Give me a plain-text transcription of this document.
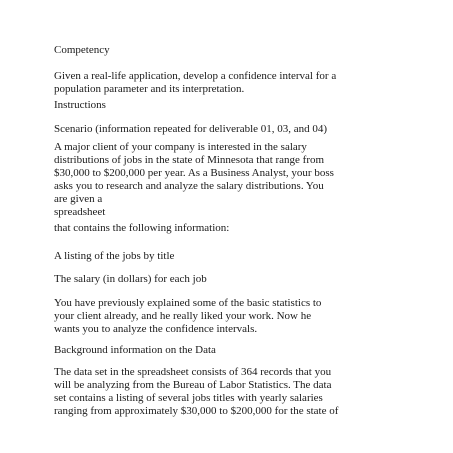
Competency
Given a real-life application, develop a confidence interval for a
population parameter and its interpretation.
Instructions
Scenario (information repeated for deliverable 01, 03, and 04)
A major client of your company is interested in the salary
distributions of jobs in the state of Minnesota that range from
$30,000 to $200,000 per year. As a Business Analyst, your boss
asks you to research and analyze the salary distributions. You
are given a
spreadsheet
that contains the following information:
A listing of the jobs by title
The salary (in dollars) for each job
You have previously explained some of the basic statistics to
your client already, and he really liked your work. Now he
wants you to analyze the confidence intervals.
Background information on the Data
The data set in the spreadsheet consists of 364 records that you
will be analyzing from the Bureau of Labor Statistics. The data
set contains a listing of several jobs titles with yearly salaries
ranging from approximately $30,000 to $200,000 for the state of
